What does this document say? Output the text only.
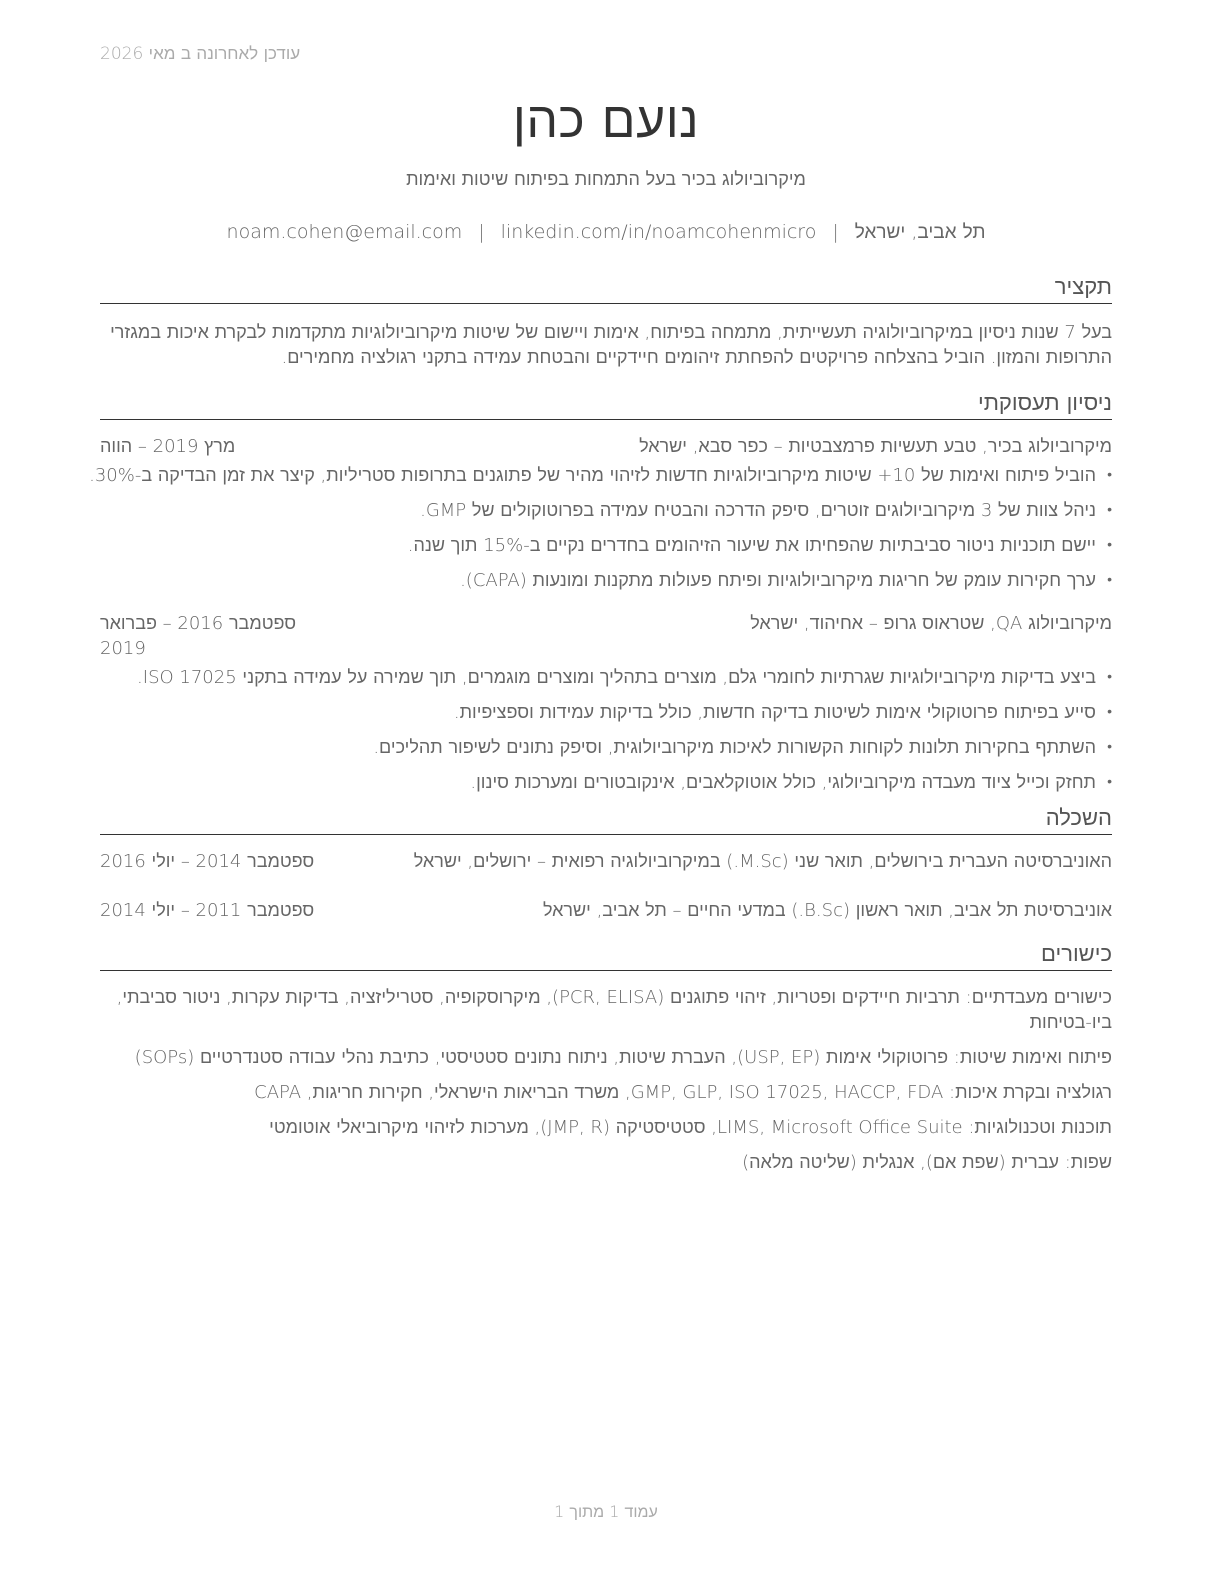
עודכן לאחרונה ב מאי 2026
נועם כהן
מיקרוביולוג בכיר בעל התמחות בפיתוח שיטות ואימות
תל אביב, ישראל|noam.cohen@email.com | linkedin.com/in/noamcohenmicro
תקציר
בעל 7 שנות ניסיון במיקרוביולוגיה תעשייתית, מתמחה בפיתוח, אימות ויישום של שיטות מיקרוביולוגיות מתקדמות לבקרת איכות במגזרי התרופות והמזון. הוביל בהצלחה פרויקטים להפחתת זיהומים חיידקיים והבטחת עמידה בתקני רגולציה מחמירים.
ניסיון תעסוקתי
מיקרוביולוג בכיר, טבע תעשיות פרמצבטיות – כפר סבא, ישראל
מרץ 2019 – הווה
• הוביל פיתוח ואימות של 10+ שיטות מיקרוביולוגיות חדשות לזיהוי מהיר של פתוגנים בתרופות סטריליות, קיצר את זמן הבדיקה ב-30%.
• ניהל צוות של 3 מיקרוביולוגים זוטרים, סיפק הדרכה והבטיח עמידה בפרוטוקולים של GMP.
• יישם תוכניות ניטור סביבתיות שהפחיתו את שיעור הזיהומים בחדרים נקיים ב-15% תוך שנה.
• ערך חקירות עומק של חריגות מיקרוביולוגיות ופיתח פעולות מתקנות ומונעות (CAPA).
מיקרוביולוג QA, שטראוס גרופ – אחיהוד, ישראל
ספטמבר 2016 – פברואר 2019
• ביצע בדיקות מיקרוביולוגיות שגרתיות לחומרי גלם, מוצרים בתהליך ומוצרים מוגמרים, תוך שמירה על עמידה בתקני ISO 17025.
• סייע בפיתוח פרוטוקולי אימות לשיטות בדיקה חדשות, כולל בדיקות עמידות וספציפיות.
• השתתף בחקירות תלונות לקוחות הקשורות לאיכות מיקרוביולוגית, וסיפק נתונים לשיפור תהליכים.
• תחזק וכייל ציוד מעבדה מיקרוביולוגי, כולל אוטוקלאבים, אינקובטורים ומערכות סינון.
השכלה
האוניברסיטה העברית בירושלים, תואר שני (M.Sc.) במיקרוביולוגיה רפואית – ירושלים, ישראל
ספטמבר 2014 – יולי 2016
אוניברסיטת תל אביב, תואר ראשון (B.Sc.) במדעי החיים – תל אביב, ישראל
ספטמבר 2011 – יולי 2014
כישורים
כישורים מעבדתיים: תרביות חיידקים ופטריות, זיהוי פתוגנים (PCR, ELISA), מיקרוסקופיה, סטריליזציה, בדיקות עקרות, ניטור סביבתי, ביו-בטיחות
פיתוח ואימות שיטות: פרוטוקולי אימות (USP, EP), העברת שיטות, ניתוח נתונים סטטיסטי, כתיבת נהלי עבודה סטנדרטיים (SOPs)
רגולציה ובקרת איכות: GMP, GLP, ISO 17025, HACCP, FDA, משרד הבריאות הישראלי, חקירות חריגות, CAPA
תוכנות וטכנולוגיות: LIMS, Microsoft Office Suite, סטטיסטיקה (JMP, R), מערכות לזיהוי מיקרוביאלי אוטומטי
שפות: עברית (שפת אם), אנגלית (שליטה מלאה)
עמוד 1 מתוך 1
